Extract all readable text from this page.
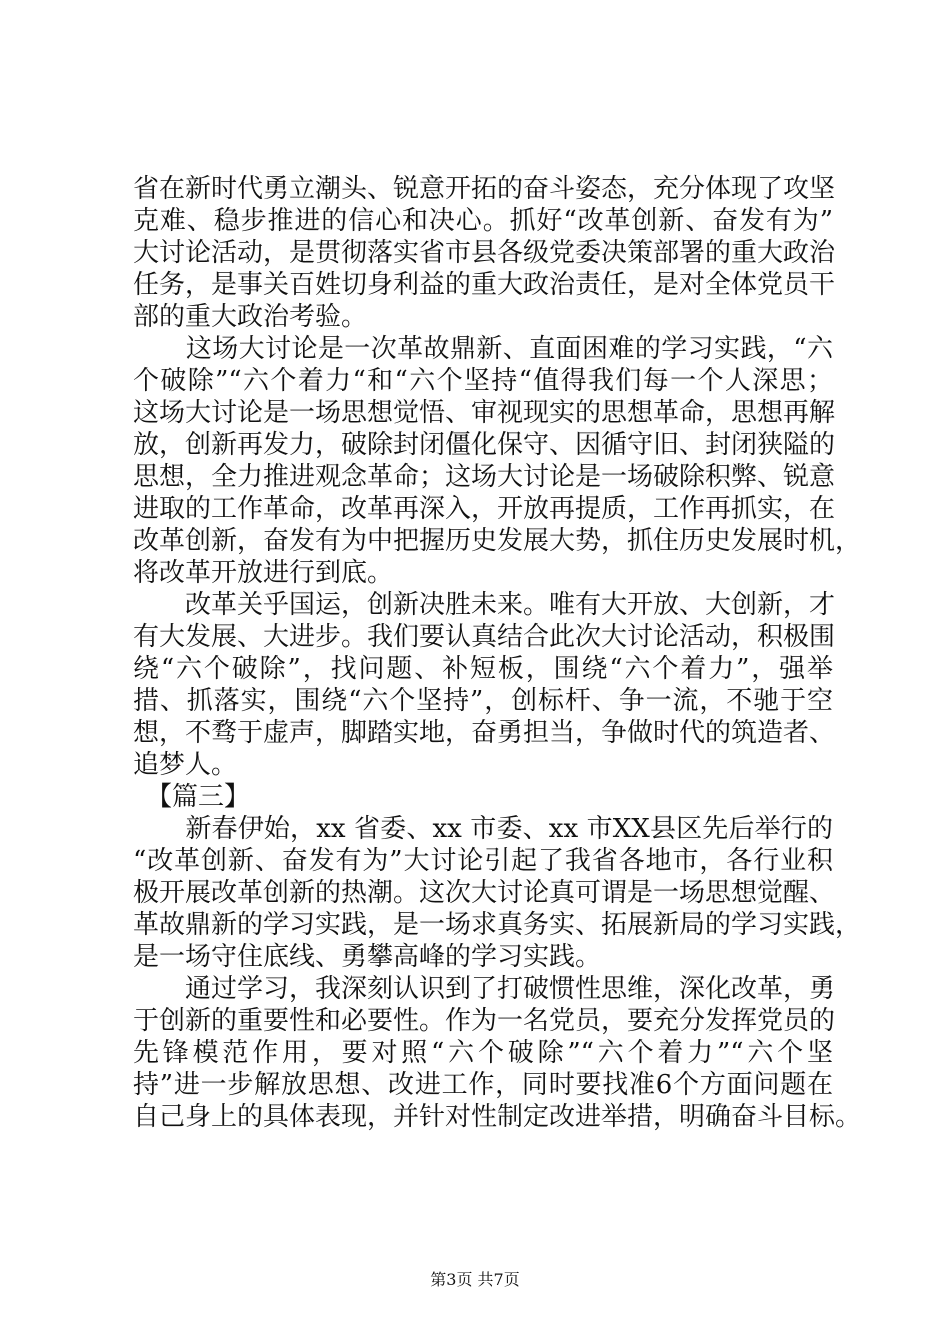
省在新时代勇立潮头、锐意开拓的奋斗姿态，充分体现了攻坚
克难、稳步推进的信心和决心。抓好“改革创新、奋发有为”
大讨论活动，是贯彻落实省市县各级党委决策部署的重大政治
任务，是事关百姓切身利益的重大政治责任，是对全体党员干
部的重大政治考验。
　　这场大讨论是一次革故鼎新、直面困难的学习实践，“六
个破除”“六个着力“和“六个坚持“值得我们每一个人深思；
这场大讨论是一场思想觉悟、审视现实的思想革命，思想再解
放，创新再发力，破除封闭僵化保守、因循守旧、封闭狭隘的
思想，全力推进观念革命；这场大讨论是一场破除积弊、锐意
进取的工作革命，改革再深入，开放再提质，工作再抓实，在
改革创新，奋发有为中把握历史发展大势，抓住历史发展时机，
将改革开放进行到底。
　　改革关乎国运，创新决胜未来。唯有大开放、大创新，才
有大发展、大进步。我们要认真结合此次大讨论活动，积极围
绕“六个破除”，找问题、补短板，围绕“六个着力”，强举
措、抓落实，围绕“六个坚持”，创标杆、争一流，不驰于空
想，不骛于虚声，脚踏实地，奋勇担当，争做时代的筑造者、
追梦人。
　【篇三】
　　新春伊始，xx 省委、xx 市委、xx 市XX县区先后举行的
“改革创新、奋发有为”大讨论引起了我省各地市，各行业积
极开展改革创新的热潮。这次大讨论真可谓是一场思想觉醒、
革故鼎新的学习实践，是一场求真务实、拓展新局的学习实践，
是一场守住底线、勇攀高峰的学习实践。
　　通过学习，我深刻认识到了打破惯性思维，深化改革，勇
于创新的重要性和必要性。作为一名党员，要充分发挥党员的
先锋模范作用，要对照“六个破除”“六个着力”“六个坚
持”进一步解放思想、改进工作，同时要找准6个方面问题在
自己身上的具体表现，并针对性制定改进举措，明确奋斗目标。
第3页 共7页
